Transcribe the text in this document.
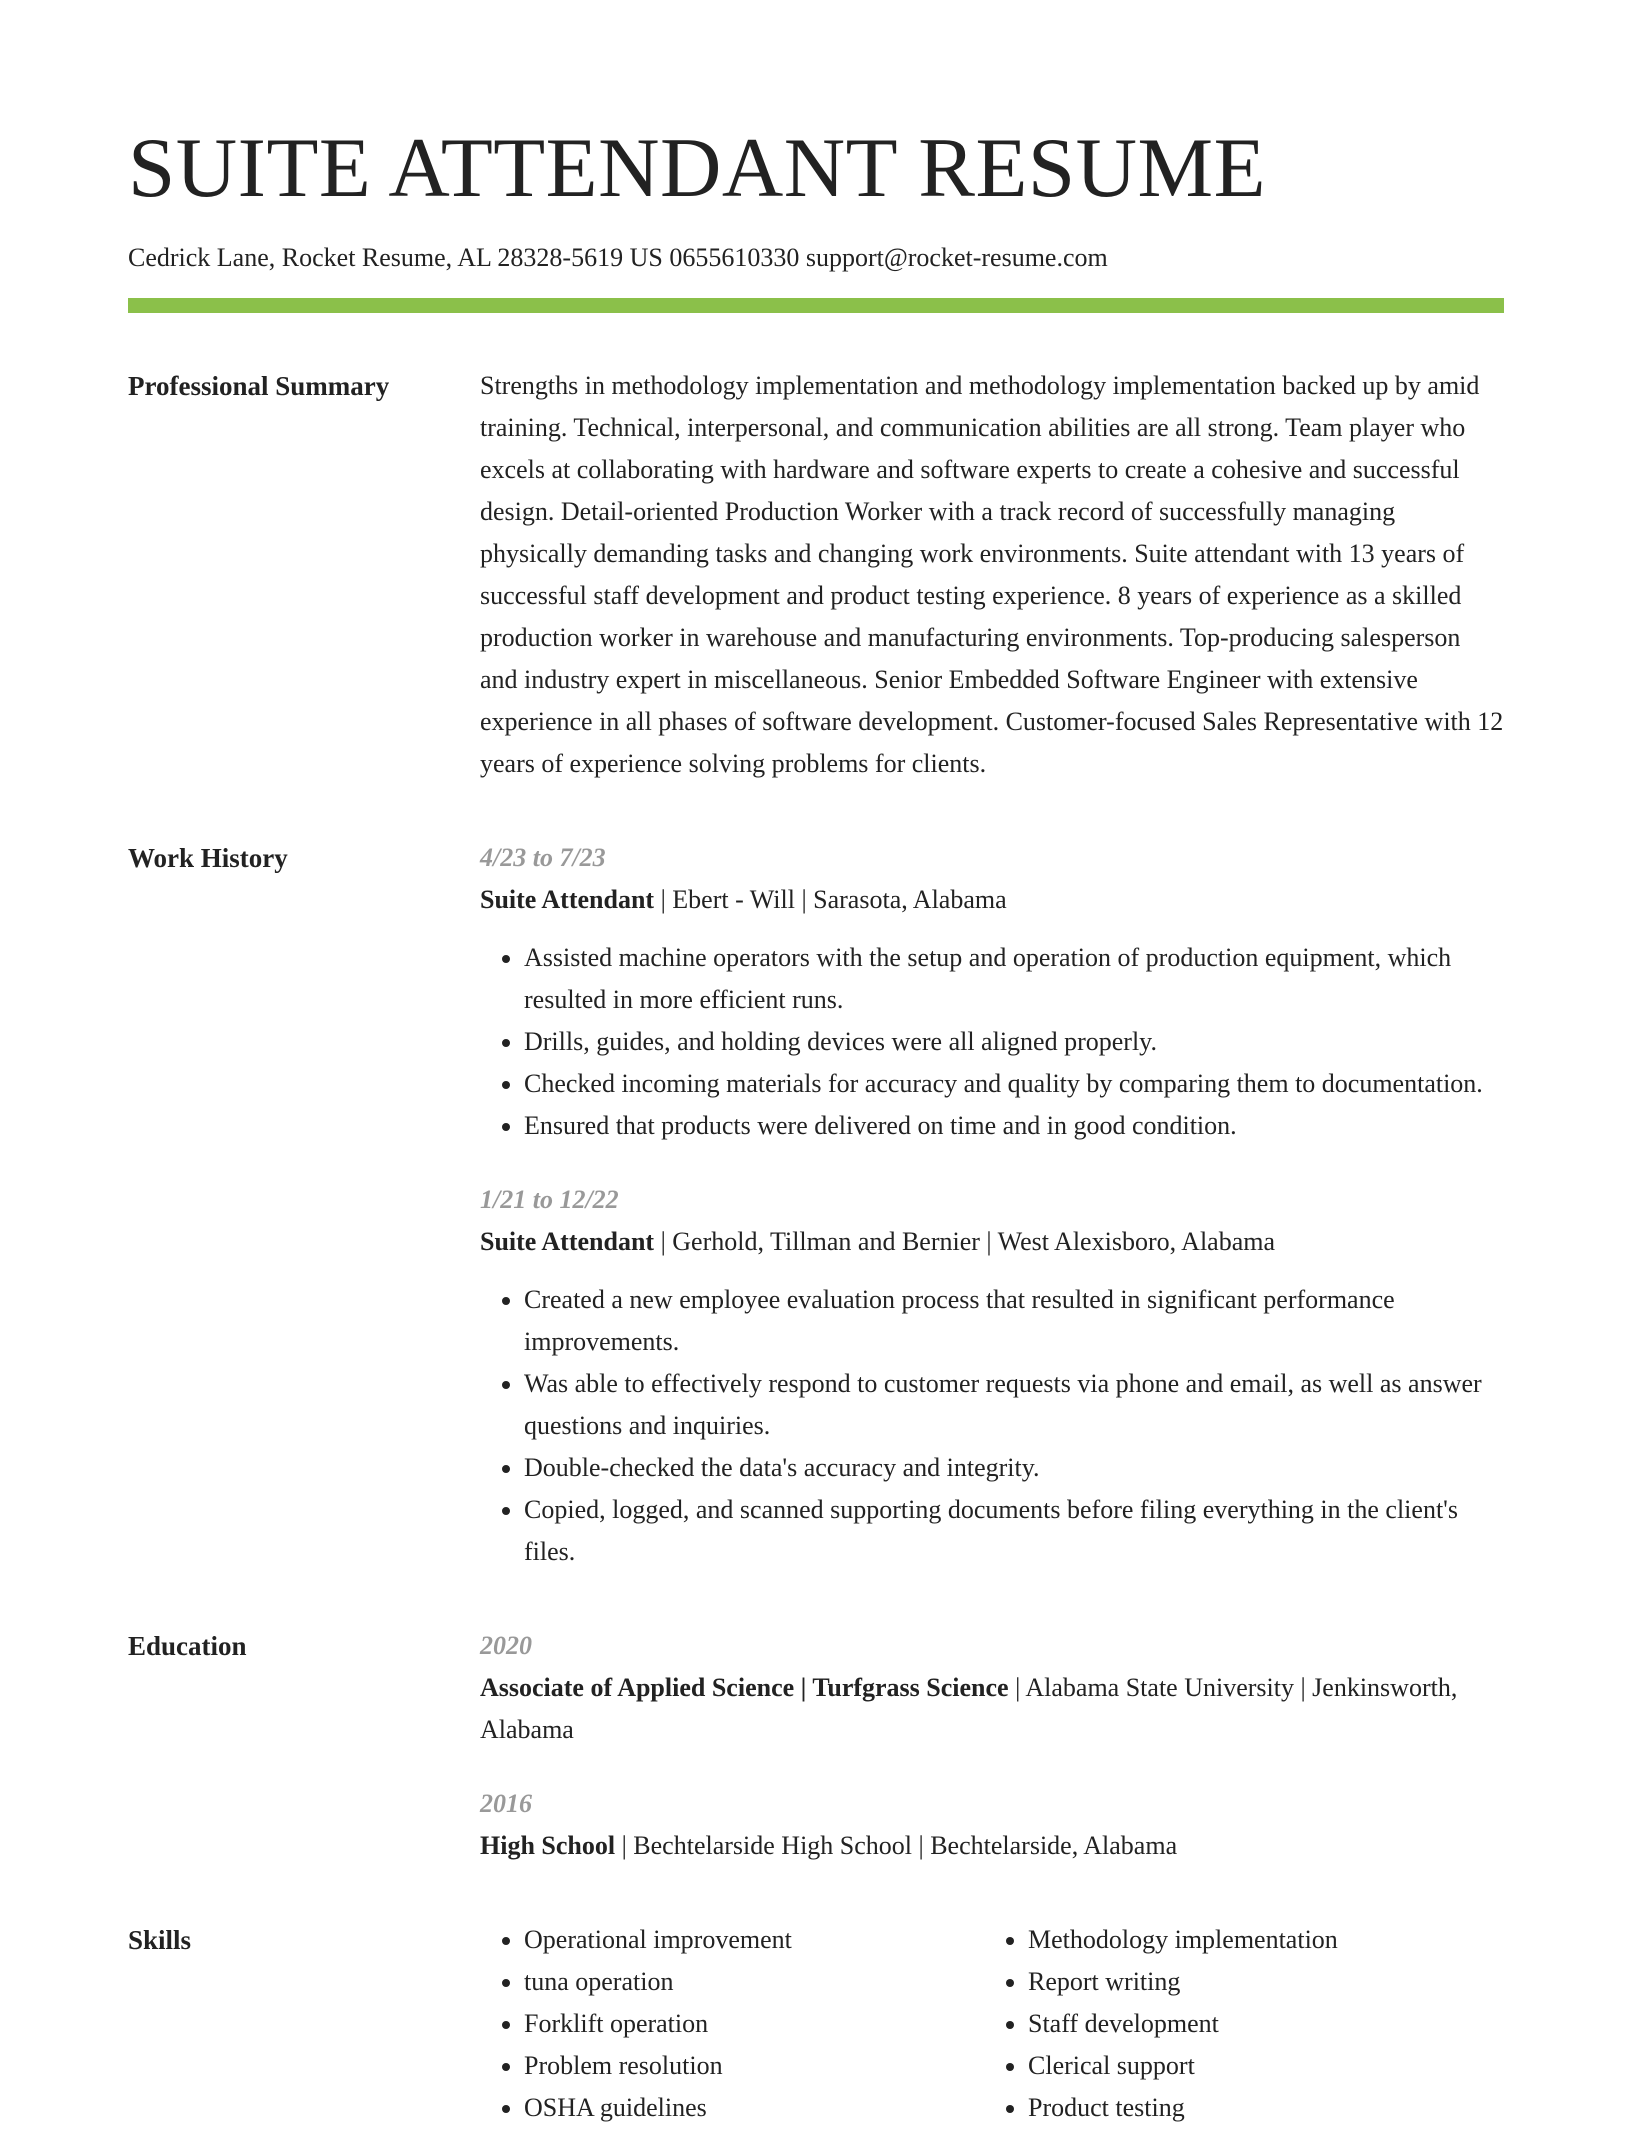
SUITE ATTENDANT RESUME
Cedrick Lane, Rocket Resume, AL 28328-5619 US 0655610330 support@rocket-resume.com
Professional Summary	Strengths in methodology implementation and methodology implementation backed up by amid training. Technical, interpersonal, and communication abilities are all strong. Team player who excels at collaborating with hardware and software experts to create a cohesive and successful design. Detail-oriented Production Worker with a track record of successfully managing physically demanding tasks and changing work environments. Suite attendant with 13 years of successful staff development and product testing experience. 8 years of experience as a skilled production worker in warehouse and manufacturing environments. Top-producing salesperson and industry expert in miscellaneous. Senior Embedded Software Engineer with extensive experience in all phases of software development. Customer-focused Sales Representative with 12 years of experience solving problems for clients.

Work History	4/23 to 7/23
Suite Attendant | Ebert - Will | Sarasota, Alabama
• Assisted machine operators with the setup and operation of production equipment, which resulted in more efficient runs.
• Drills, guides, and holding devices were all aligned properly.
• Checked incoming materials for accuracy and quality by comparing them to documentation.
• Ensured that products were delivered on time and in good condition.
1/21 to 12/22
Suite Attendant | Gerhold, Tillman and Bernier | West Alexisboro, Alabama
• Created a new employee evaluation process that resulted in significant performance improvements.
• Was able to effectively respond to customer requests via phone and email, as well as answer questions and inquiries.
• Double-checked the data's accuracy and integrity.
• Copied, logged, and scanned supporting documents before filing everything in the client's files.
Education	2020
Associate of Applied Science | Turfgrass Science | Alabama State University | Jenkinsworth, Alabama
2016
High School | Bechtelarside High School | Bechtelarside, Alabama
Skills
•	Operational improvement
• tuna operation
• Forklift operation
• Problem resolution
• OSHA guidelines
• Methodology implementation
• Report writing
• Staff development
• Clerical support
• Product testing
